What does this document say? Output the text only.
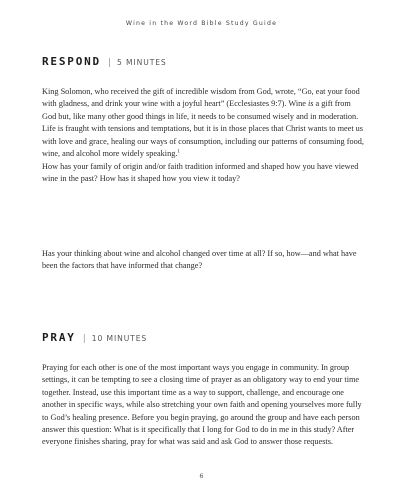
Wine in the Word Bible Study Guide
RESPOND | 5 MINUTES

King Solomon, who received the gift of incredible wisdom from God, wrote, “Go, eat your food with gladness, and drink your wine with a joyful heart” (Ecclesiastes 9:7). Wine is a gift from God but, like many other good things in life, it needs to be consumed wisely and in moderation. Life is fraught with tensions and temptations, but it is in those places that Christ wants to meet us with love and grace, healing our ways of consumption, including our patterns of consuming food, wine, and alcohol more widely speaking.$^1$

How has your family of origin and/or faith tradition informed and shaped how you have viewed wine in the past? How has it shaped how you view it today?

Has your thinking about wine and alcohol changed over time at all? If so, how—and what have been the factors that have informed that change?

PRAY | 10 MINUTES

Praying for each other is one of the most important ways you engage in community. In group settings, it can be tempting to see a closing time of prayer as an obligatory way to end your time together. Instead, use this important time as a way to support, challenge, and encourage one another in specific ways, while also stretching your own faith and opening yourselves more fully to God’s healing presence. Before you begin praying, go around the group and have each person answer this question: What is it specifically that I long for God to do in me in this study? After everyone finishes sharing, pray for what was said and ask God to answer those requests.

6
